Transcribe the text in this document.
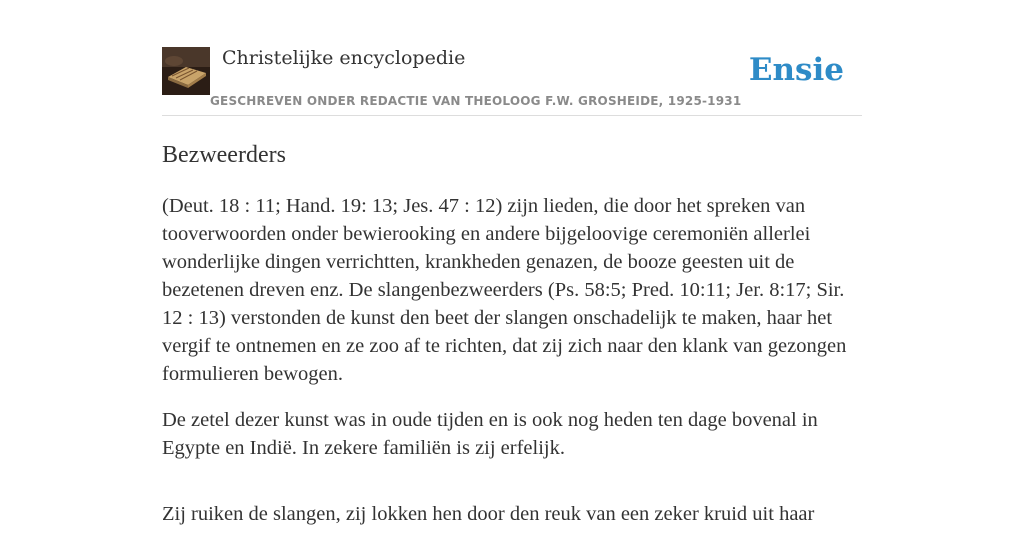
Christelijke encyclopedie
GESCHREVEN ONDER REDACTIE VAN THEOLOOG F.W. GROSHEIDE, 1925-1931
Ensie
Bezweerders

(Deut. 18 : 11; Hand. 19: 13; Jes. 47 : 12) zijn lieden, die door het spreken van tooverwoorden onder bewierooking en andere bijgeloovige ceremoniën allerlei wonderlijke dingen verrichtten, krankheden genazen, de booze geesten uit de bezetenen dreven enz. De slangenbezweerders (Ps. 58:5; Pred. 10:11; Jer. 8:17; Sir. 12 : 13) verstonden de kunst den beet der slangen onschadelijk te maken, haar het vergif te ontnemen en ze zoo af te richten, dat zij zich naar den klank van gezongen formulieren bewogen.

De zetel dezer kunst was in oude tijden en is ook nog heden ten dage bovenal in Egypte en Indië. In zekere familiën is zij erfelijk.

Zij ruiken de slangen, zij lokken hen door den reuk van een zeker kruid uit haar
